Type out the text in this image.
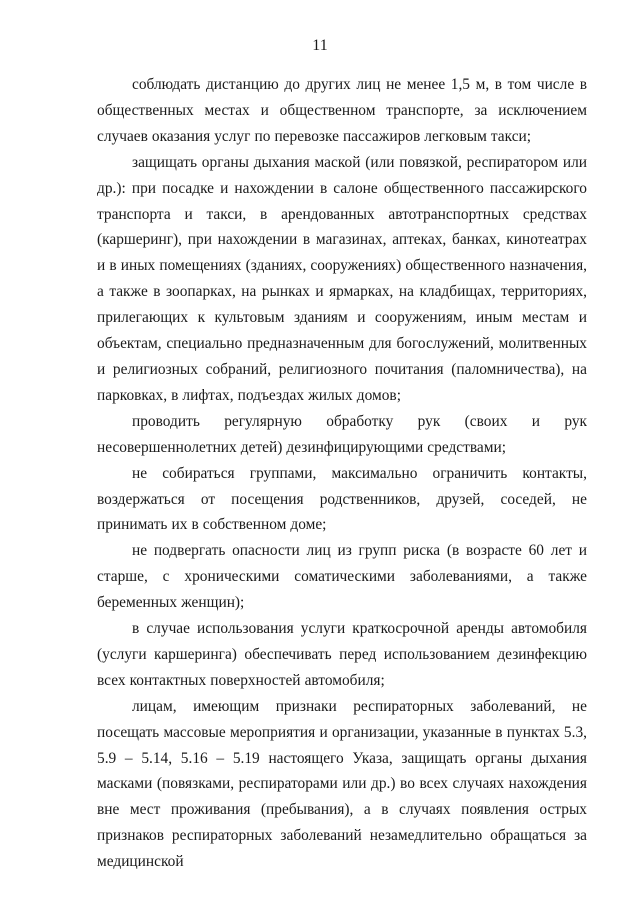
11

соблюдать дистанцию до других лиц не менее 1,5 м, в том числе в общественных местах и общественном транспорте, за исключением случаев оказания услуг по перевозке пассажиров легковым такси;

защищать органы дыхания маской (или повязкой, респиратором или др.): при посадке и нахождении в салоне общественного пассажирского транспорта и такси, в арендованных автотранспортных средствах (каршеринг), при нахождении в магазинах, аптеках, банках, кинотеатрах и в иных помещениях (зданиях, сооружениях) общественного назначения, а также в зоопарках, на рынках и ярмарках, на кладбищах, территориях, прилегающих к культовым зданиям и сооружениям, иным местам и объектам, специально предназначенным для богослужений, молитвенных и религиозных собраний, религиозного почитания (паломничества), на парковках, в лифтах, подъездах жилых домов;

проводить регулярную обработку рук (своих и рук несовершеннолетних детей) дезинфицирующими средствами;

не собираться группами, максимально ограничить контакты, воздержаться от посещения родственников, друзей, соседей, не принимать их в собственном доме;

не подвергать опасности лиц из групп риска (в возрасте 60 лет и старше, с хроническими соматическими заболеваниями, а также беременных женщин);

в случае использования услуги краткосрочной аренды автомобиля (услуги каршеринга) обеспечивать перед использованием дезинфекцию всех контактных поверхностей автомобиля;

лицам, имеющим признаки респираторных заболеваний, не посещать массовые мероприятия и организации, указанные в пунктах 5.3, 5.9 – 5.14, 5.16 – 5.19 настоящего Указа, защищать органы дыхания масками (повязками, респираторами или др.) во всех случаях нахождения вне мест проживания (пребывания), а в случаях появления острых признаков респираторных заболеваний незамедлительно обращаться за медицинской
